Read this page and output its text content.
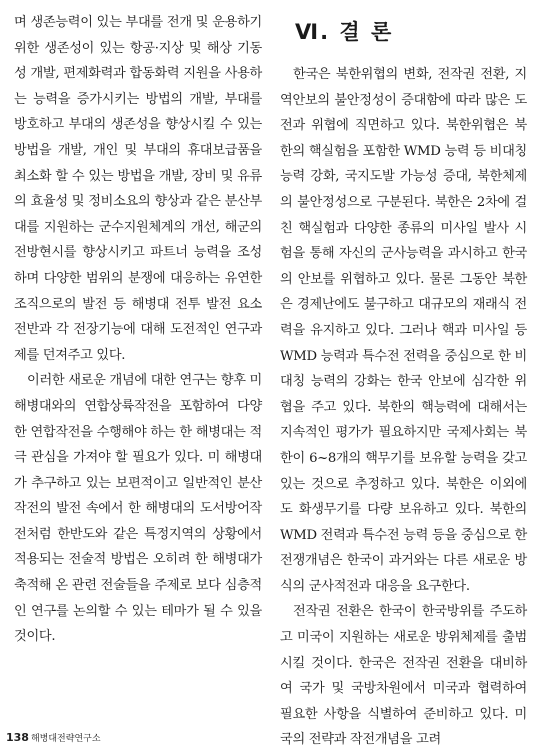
며 생존능력이 있는 부대를 전개 및 운용하기 위한 생존성이 있는 항공·지상 및 해상 기동성 개발, 편제화력과 합동화력 지원을 사용하는 능력을 증가시키는 방법의 개발, 부대를 방호하고 부대의 생존성을 향상시킬 수 있는 방법을 개발, 개인 및 부대의 휴대보급품을 최소화 할 수 있는 방법을 개발, 장비 및 유류의 효율성 및 정비소요의 향상과 같은 분산부대를 지원하는 군수지원체계의 개선, 해군의 전방현시를 향상시키고 파트너 능력을 조성하며 다양한 범위의 분쟁에 대응하는 유연한 조직으로의 발전 등 해병대 전투 발전 요소 전반과 각 전장기능에 대해 도전적인 연구과제를 던져주고 있다.

이러한 새로운 개념에 대한 연구는 향후 미 해병대와의 연합상륙작전을 포함하여 다양한 연합작전을 수행해야 하는 한 해병대는 적극 관심을 가져야 할 필요가 있다. 미 해병대가 추구하고 있는 보편적이고 일반적인 분산작전의 발전 속에서 한 해병대의 도서방어작전처럼 한반도와 같은 특정지역의 상황에서 적용되는 전술적 방법은 오히려 한 해병대가 축적해 온 관련 전술들을 주제로 보다 심층적인 연구를 논의할 수 있는 테마가 될 수 있을 것이다.

Ⅵ. 결 론

한국은 북한위협의 변화, 전작권 전환, 지역안보의 불안정성이 증대함에 따라 많은 도전과 위협에 직면하고 있다. 북한위협은 북한의 핵실험을 포함한 WMD 능력 등 비대칭 능력 강화, 국지도발 가능성 증대, 북한체제의 불안정성으로 구분된다. 북한은 2차에 걸친 핵실험과 다양한 종류의 미사일 발사 시험을 통해 자신의 군사능력을 과시하고 한국의 안보를 위협하고 있다. 물론 그동안 북한은 경제난에도 불구하고 대규모의 재래식 전력을 유지하고 있다. 그러나 핵과 미사일 등 WMD 능력과 특수전 전력을 중심으로 한 비대칭 능력의 강화는 한국 안보에 심각한 위협을 주고 있다. 북한의 핵능력에 대해서는 지속적인 평가가 필요하지만 국제사회는 북한이 6~8개의 핵무기를 보유할 능력을 갖고 있는 것으로 추정하고 있다. 북한은 이외에도 화생무기를 다량 보유하고 있다. 북한의 WMD 전력과 특수전 능력 등을 중심으로 한 전쟁개념은 한국이 과거와는 다른 새로운 방식의 군사적전과 대응을 요구한다.

전작권 전환은 한국이 한국방위를 주도하고 미국이 지원하는 새로운 방위체제를 출범시킬 것이다. 한국은 전작권 전환을 대비하여 국가 및 국방차원에서 미국과 협력하여 필요한 사항을 식별하여 준비하고 있다. 미국의 전략과 작전개념을 고려

138 해병대전략연구소
